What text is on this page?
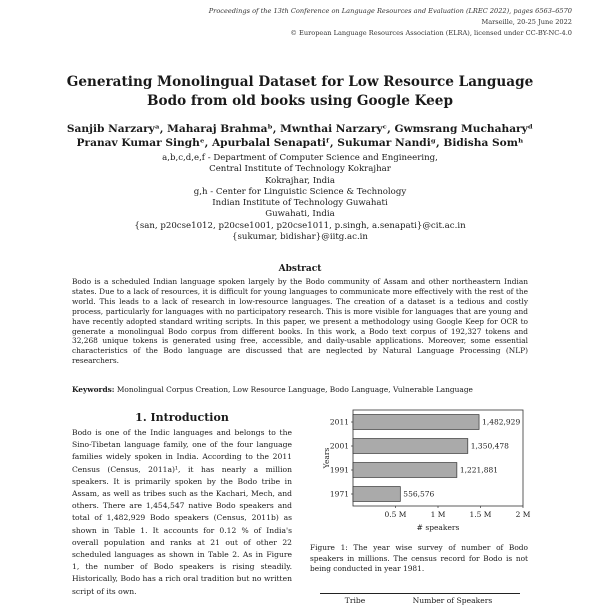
Proceedings of the 13th Conference on Language Resources and Evaluation (LREC 2022), pages 6563–6570
Marseille, 20-25 June 2022
© European Language Resources Association (ELRA), licensed under CC-BY-NC-4.0
Generating Monolingual Dataset for Low Resource Language
Bodo from old books using Google Keep
Sanjib Narzaryᵃ, Maharaj Brahmaᵇ, Mwnthai Narzaryᶜ, Gwmsrang Muchaharyᵈ
Pranav Kumar Singhᵉ, Apurbalal Senapatiᶠ, Sukumar Nandiᵍ, Bidisha Somʰ
a,b,c,d,e,f - Department of Computer Science and Engineering,
Central Institute of Technology Kokrajhar
Kokrajhar, India
g,h - Center for Linguistic Science & Technology
Indian Institute of Technology Guwahati
Guwahati, India
{san, p20cse1012, p20cse1001, p20cse1011, p.singh, a.senapati}@cit.ac.in
{sukumar, bidishar}@iitg.ac.in
Abstract
Bodo is a scheduled Indian language spoken largely by the Bodo community of Assam and other northeastern Indian states. Due to a lack of resources, it is difficult for young languages to communicate more effectively with the rest of the world. This leads to a lack of research in low-resource languages. The creation of a dataset is a tedious and costly process, particularly for languages with no participatory research. This is more visible for languages that are young and have recently adopted standard writing scripts. In this paper, we present a methodology using Google Keep for OCR to generate a monolingual Bodo corpus from different books. In this work, a Bodo text corpus of 192,327 tokens and 32,268 unique tokens is generated using free, accessible, and daily-usable applications. Moreover, some essential characteristics of the Bodo language are discussed that are neglected by Natural Language Processing (NLP) researchers.
Keywords: Monolingual Corpus Creation, Low Resource Language, Bodo Language, Vulnerable Language
1. Introduction
Bodo is one of the Indic languages and belongs to the Sino-Tibetan language family, one of the four language families widely spoken in India. According to the 2011 Census (Census, 2011a)¹, it has nearly a million speakers. It is primarily spoken by the Bodo tribe in Assam, as well as tribes such as the Kachari, Mech, and others. There are 1,454,547 native Bodo speakers and total of 1,482,929 Bodo speakers (Census, 2011b) as shown in Table 1. It accounts for 0.12 % of India's overall population and ranks at 21 out of other 22 scheduled languages as shown in Table 2. As in Figure 1, the number of Bodo speakers is rising steadily. Historically, Bodo has a rich oral tradition but no written script of its own.
1,482,929
2011
1,350,478
2001
1,221,881
1991
556,576
1971
0.5 M	1 M	1.5 M	2 M
# speakers
Years
Figure 1: The year wise survey of number of Bodo speakers in millions. The census record for Bodo is not being conducted in year 1981.
Tribe	Number of Speakers
